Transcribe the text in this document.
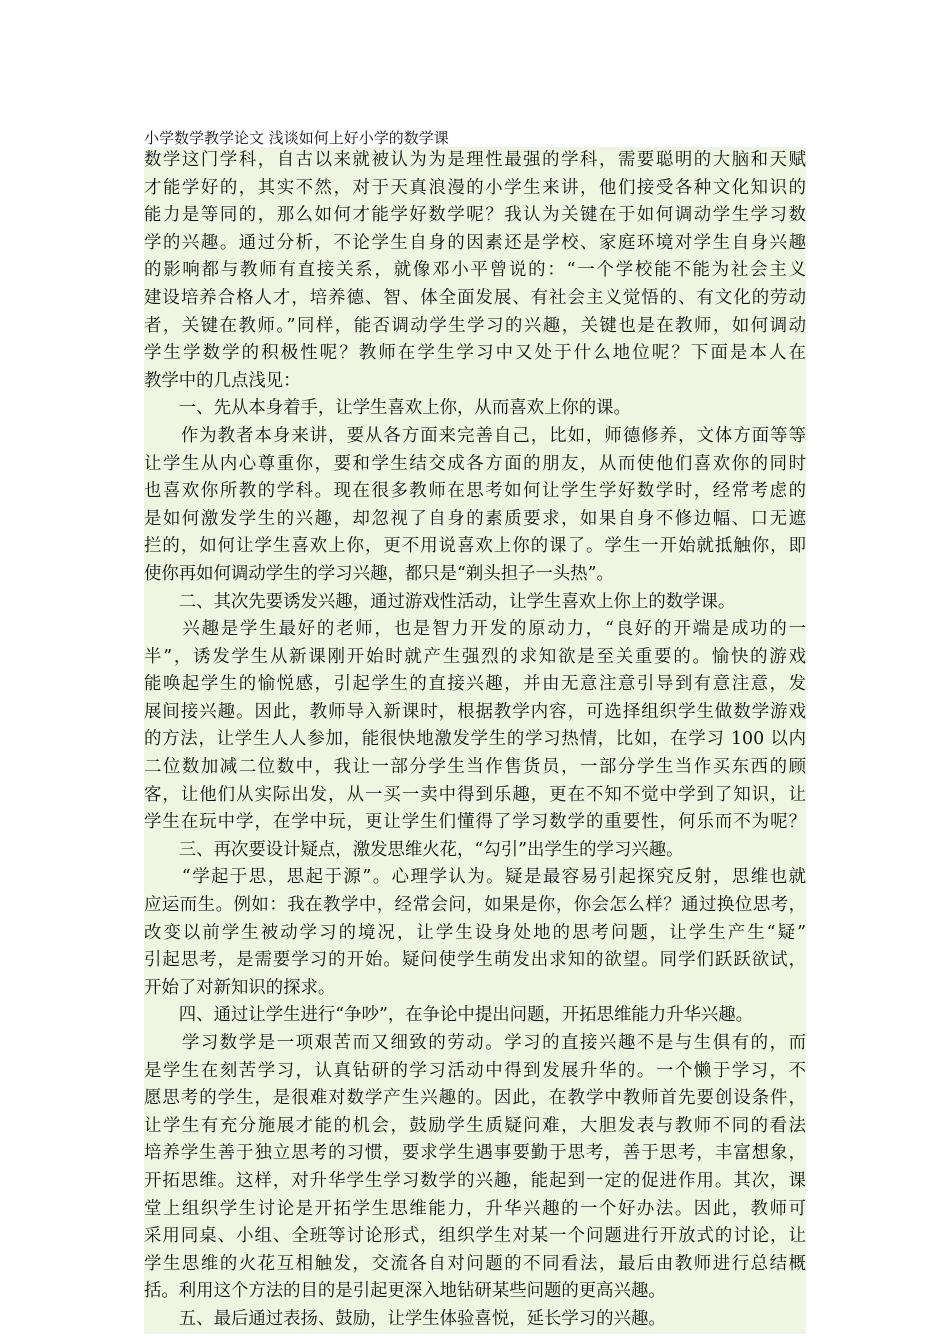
小学数学教学论文 浅谈如何上好小学的数学课
数学这门学科，自古以来就被认为为是理性最强的学科，需要聪明的大脑和天赋
才能学好的，其实不然，对于天真浪漫的小学生来讲，他们接受各种文化知识的
能力是等同的，那么如何才能学好数学呢？我认为关键在于如何调动学生学习数
学的兴趣。通过分析，不论学生自身的因素还是学校、家庭环境对学生自身兴趣
的影响都与教师有直接关系，就像邓小平曾说的：“一个学校能不能为社会主义
建设培养合格人才，培养德、智、体全面发展、有社会主义觉悟的、有文化的劳动
者，关键在教师。”同样，能否调动学生学习的兴趣，关键也是在教师，如何调动
学生学数学的积极性呢？教师在学生学习中又处于什么地位呢？下面是本人在
教学中的几点浅见：
　　一、先从本身着手，让学生喜欢上你，从而喜欢上你的课。
　　作为教者本身来讲，要从各方面来完善自己，比如，师德修养，文体方面等等
让学生从内心尊重你，要和学生结交成各方面的朋友，从而使他们喜欢你的同时
也喜欢你所教的学科。现在很多教师在思考如何让学生学好数学时，经常考虑的
是如何激发学生的兴趣，却忽视了自身的素质要求，如果自身不修边幅、口无遮
拦的，如何让学生喜欢上你，更不用说喜欢上你的课了。学生一开始就抵触你，即
使你再如何调动学生的学习兴趣，都只是“剃头担子一头热”。
　　二、其次先要诱发兴趣，通过游戏性活动，让学生喜欢上你上的数学课。
　　兴趣是学生最好的老师，也是智力开发的原动力，“良好的开端是成功的一
半”，诱发学生从新课刚开始时就产生强烈的求知欲是至关重要的。愉快的游戏
能唤起学生的愉悦感，引起学生的直接兴趣，并由无意注意引导到有意注意，发
展间接兴趣。因此，教师导入新课时，根据教学内容，可选择组织学生做数学游戏
的方法，让学生人人参加，能很快地激发学生的学习热情，比如，在学习 100 以内
二位数加减二位数中，我让一部分学生当作售货员，一部分学生当作买东西的顾
客，让他们从实际出发，从一买一卖中得到乐趣，更在不知不觉中学到了知识，让
学生在玩中学，在学中玩，更让学生们懂得了学习数学的重要性，何乐而不为呢？
　　三、再次要设计疑点，激发思维火花，“勾引”出学生的学习兴趣。
　　“学起于思，思起于源”。心理学认为。疑是最容易引起探究反射，思维也就
应运而生。例如：我在教学中，经常会问，如果是你，你会怎么样？通过换位思考，
改变以前学生被动学习的境况，让学生设身处地的思考问题，让学生产生“疑”
引起思考，是需要学习的开始。疑问使学生萌发出求知的欲望。同学们跃跃欲试，
开始了对新知识的探求。
　　四、通过让学生进行“争吵”，在争论中提出问题，开拓思维能力升华兴趣。
　　学习数学是一项艰苦而又细致的劳动。学习的直接兴趣不是与生俱有的，而
是学生在刻苦学习，认真钻研的学习活动中得到发展升华的。一个懒于学习，不
愿思考的学生，是很难对数学产生兴趣的。因此，在教学中教师首先要创设条件，
让学生有充分施展才能的机会，鼓励学生质疑问难，大胆发表与教师不同的看法
培养学生善于独立思考的习惯，要求学生遇事要勤于思考，善于思考，丰富想象，
开拓思维。这样，对升华学生学习数学的兴趣，能起到一定的促进作用。其次，课
堂上组织学生讨论是开拓学生思维能力，升华兴趣的一个好办法。因此，教师可
采用同桌、小组、全班等讨论形式，组织学生对某一个问题进行开放式的讨论，让
学生思维的火花互相触发，交流各自对问题的不同看法，最后由教师进行总结概
括。利用这个方法的目的是引起更深入地钻研某些问题的更高兴趣。
　　五、最后通过表扬、鼓励，让学生体验喜悦，延长学习的兴趣。
